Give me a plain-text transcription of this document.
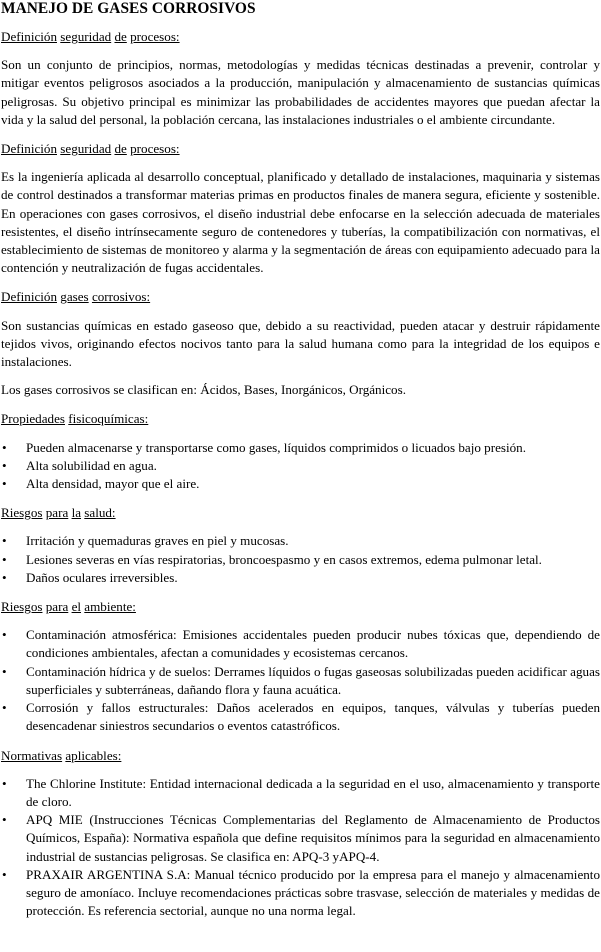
MANEJO DE GASES CORROSIVOS
Definición seguridad de procesos:

Son un conjunto de principios, normas, metodologías y medidas técnicas destinadas a prevenir, controlar y mitigar eventos peligrosos asociados a la producción, manipulación y almacenamiento de sustancias químicas peligrosas. Su objetivo principal es minimizar las probabilidades de accidentes mayores que puedan afectar la vida y la salud del personal, la población cercana, las instalaciones industriales o el ambiente circundante.

Definición seguridad de procesos:

Es la ingeniería aplicada al desarrollo conceptual, planificado y detallado de instalaciones, maquinaria y sistemas de control destinados a transformar materias primas en productos finales de manera segura, eficiente y sostenible. En operaciones con gases corrosivos, el diseño industrial debe enfocarse en la selección adecuada de materiales resistentes, el diseño intrínsecamente seguro de contenedores y tuberías, la compatibilización con normativas, el establecimiento de sistemas de monitoreo y alarma y la segmentación de áreas con equipamiento adecuado para la contención y neutralización de fugas accidentales.

Definición gases corrosivos:

Son sustancias químicas en estado gaseoso que, debido a su reactividad, pueden atacar y destruir rápidamente tejidos vivos, originando efectos nocivos tanto para la salud humana como para la integridad de los equipos e instalaciones.

Los gases corrosivos se clasifican en: Ácidos, Bases, Inorgánicos, Orgánicos.

Propiedades fisicoquímicas:
• Pueden almacenarse y transportarse como gases, líquidos comprimidos o licuados bajo presión.
• Alta solubilidad en agua.
• Alta densidad, mayor que el aire.
Riesgos para la salud:
• Irritación y quemaduras graves en piel y mucosas.
• Lesiones severas en vías respiratorias, broncoespasmo y en casos extremos, edema pulmonar letal.
• Daños oculares irreversibles.
Riesgos para el ambiente:
• Contaminación atmosférica: Emisiones accidentales pueden producir nubes tóxicas que, dependiendo de condiciones ambientales, afectan a comunidades y ecosistemas cercanos.
• Contaminación hídrica y de suelos: Derrames líquidos o fugas gaseosas solubilizadas pueden acidificar aguas superficiales y subterráneas, dañando flora y fauna acuática.
• Corrosión y fallos estructurales: Daños acelerados en equipos, tanques, válvulas y tuberías pueden desencadenar siniestros secundarios o eventos catastróficos.
Normativas aplicables:
• The Chlorine Institute: Entidad internacional dedicada a la seguridad en el uso, almacenamiento y transporte de cloro.
• APQ MIE (Instrucciones Técnicas Complementarias del Reglamento de Almacenamiento de Productos Químicos, España): Normativa española que define requisitos mínimos para la seguridad en almacenamiento industrial de sustancias peligrosas. Se clasifica en: APQ-3 yAPQ-4.
• PRAXAIR ARGENTINA S.A: Manual técnico producido por la empresa para el manejo y almacenamiento seguro de amoníaco. Incluye recomendaciones prácticas sobre trasvase, selección de materiales y medidas de protección. Es referencia sectorial, aunque no una norma legal.
